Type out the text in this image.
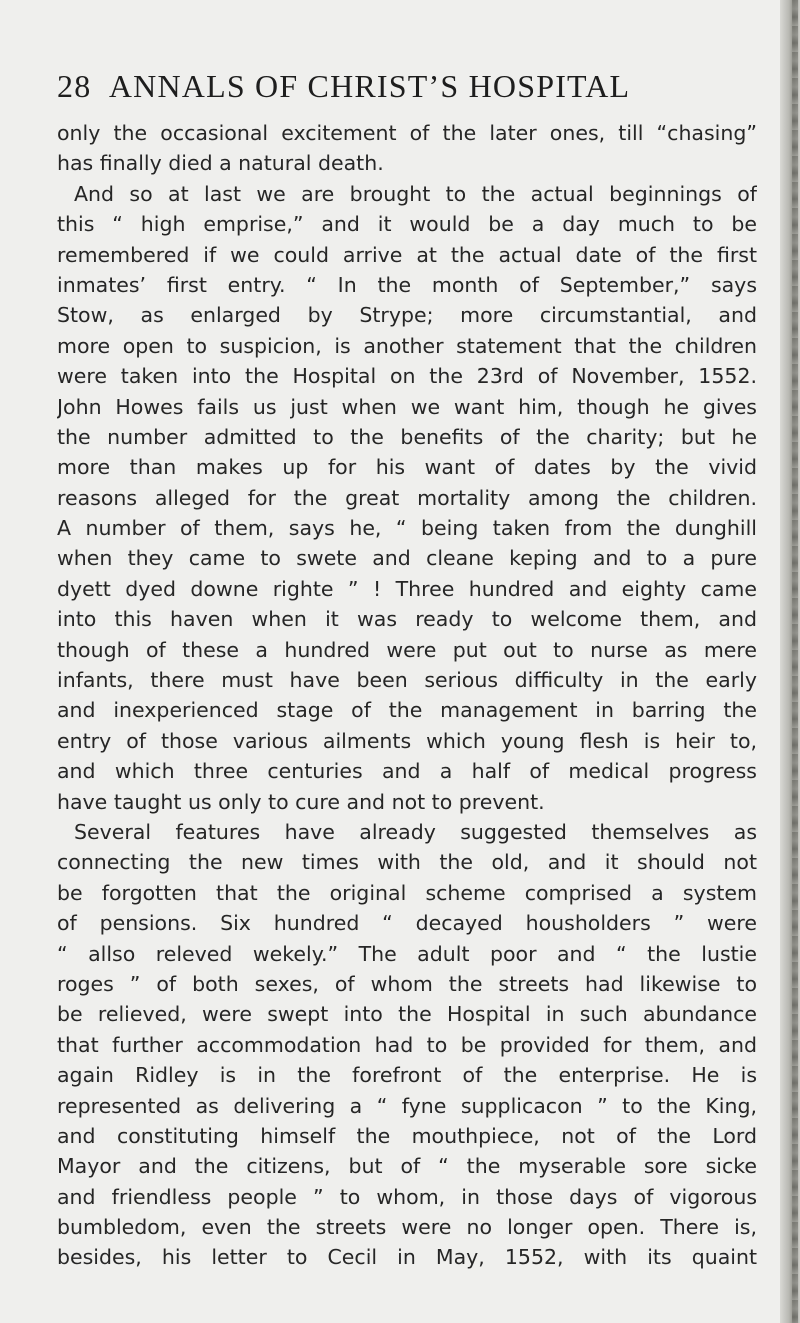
28 ANNALS OF CHRIST’S HOSPITAL
only the occasional excitement of the later ones, till “chasing”
has finally died a natural death.
And so at last we are brought to the actual beginnings of
this “ high emprise,” and it would be a day much to be
remembered if we could arrive at the actual date of the first
inmates’ first entry. “ In the month of September,” says
Stow, as enlarged by Strype; more circumstantial, and
more open to suspicion, is another statement that the children
were taken into the Hospital on the 23rd of November, 1552.
John Howes fails us just when we want him, though he gives
the number admitted to the benefits of the charity; but he
more than makes up for his want of dates by the vivid
reasons alleged for the great mortality among the children.
A number of them, says he, “ being taken from the dunghill
when they came to swete and cleane keping and to a pure
dyett dyed downe righte ” ! Three hundred and eighty came
into this haven when it was ready to welcome them, and
though of these a hundred were put out to nurse as mere
infants, there must have been serious difficulty in the early
and inexperienced stage of the management in barring the
entry of those various ailments which young flesh is heir to,
and which three centuries and a half of medical progress
have taught us only to cure and not to prevent.
Several features have already suggested themselves as
connecting the new times with the old, and it should not
be forgotten that the original scheme comprised a system
of pensions. Six hundred “ decayed housholders ” were
“ allso releved wekely.” The adult poor and “ the lustie
roges ” of both sexes, of whom the streets had likewise to
be relieved, were swept into the Hospital in such abundance
that further accommodation had to be provided for them, and
again Ridley is in the forefront of the enterprise. He is
represented as delivering a “ fyne supplicacon ” to the King,
and constituting himself the mouthpiece, not of the Lord
Mayor and the citizens, but of “ the myserable sore sicke
and friendless people ” to whom, in those days of vigorous
bumbledom, even the streets were no longer open. There is,
besides, his letter to Cecil in May, 1552, with its quaint
